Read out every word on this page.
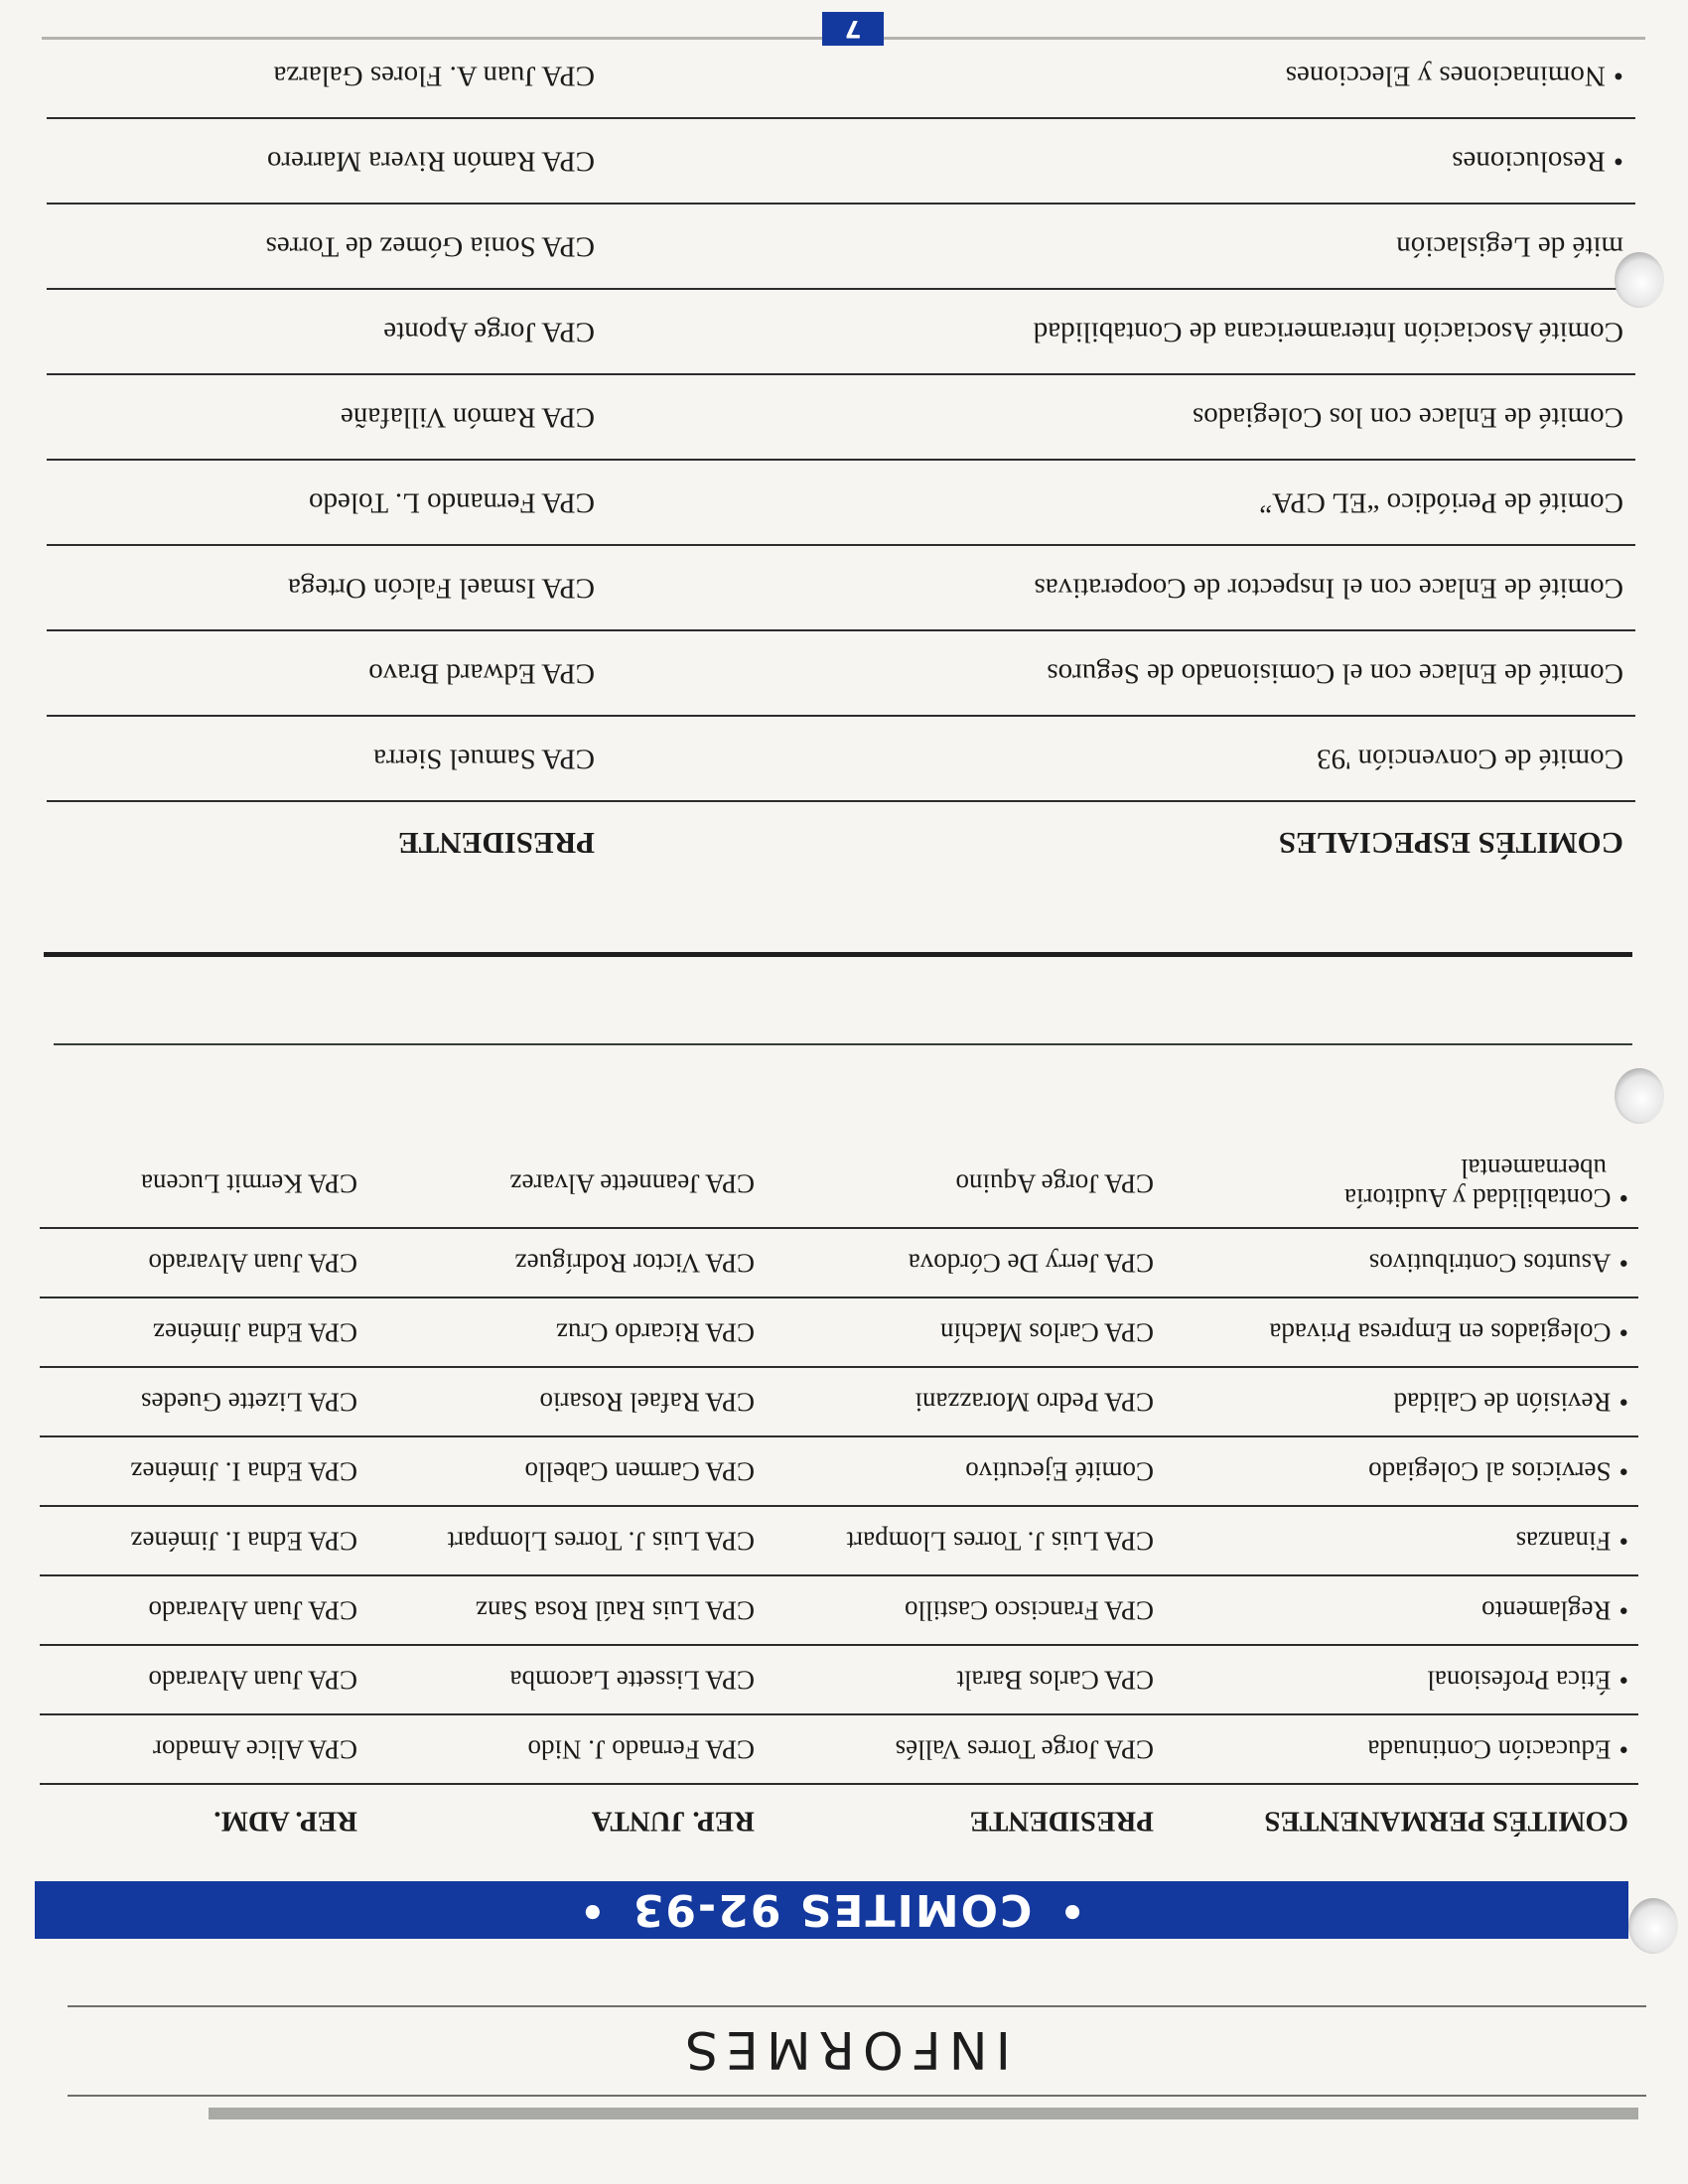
INFORMES
•
COMITES 92-93
•
COMITÉS PERMANENTES
PRESIDENTE
REP. JUNTA
REP. ADM.
•Educación Continuada
CPA Jorge Torres Vallés
CPA Fernado J. Nido
CPA Alice Amador
•Ética Profesional
CPA Carlos Baralt
CPA Lissette Lacomba
CPA Juan Alvarado
•Reglamento
CPA Francisco Castillo
CPA Luis Raúl Rosa Sanz
CPA Juan Alvarado
•Finanzas
CPA Luis J. Torres Llompart
CPA Luis J. Torres Llompart
CPA Edna I. Jiménez
•Servicios al Colegiado
Comité Ejecutivo
CPA Carmen Cabello
CPA Edna I. Jiménez
•Revisión de Calidad
CPA Pedro Morazzani
CPA Rafael Rosario
CPA Lizette Guedes
•Colegiados en Empresa Privada
CPA Carlos Machín
CPA Ricardo Cruz
CPA Edna Jiménez
•Asuntos Contributivos
CPA Jerry De Córdova
CPA Victor Rodríguez
CPA Juan Alvarado
•Contabilidad y Auditoría
ubernamental
CPA Jorge Aquino
CPA Jeannette Alvarez
CPA Kermit Lucena
COMITÉS ESPECIALES
PRESIDENTE
Comité de Convención '93
CPA Samuel Sierra
Comité de Enlace con el Comisionado de Seguros
CPA Edward Bravo
Comité de Enlace con el Inspector de Cooperativas
CPA Ismael Falcón Ortega
Comité de Periódico “EL CPA”
CPA Fernando L. Toledo
Comité de Enlace con los Colegiados
CPA Ramón Villafañe
Comité Asociación Interamericana de Contabilidad
CPA Jorge Aponte
mité de Legislación
CPA Sonia Gómez de Torres
•Resoluciones
CPA Ramón Rivera Marrero
•Nominaciones y Elecciones
CPA Juan A. Flores Galarza
7
